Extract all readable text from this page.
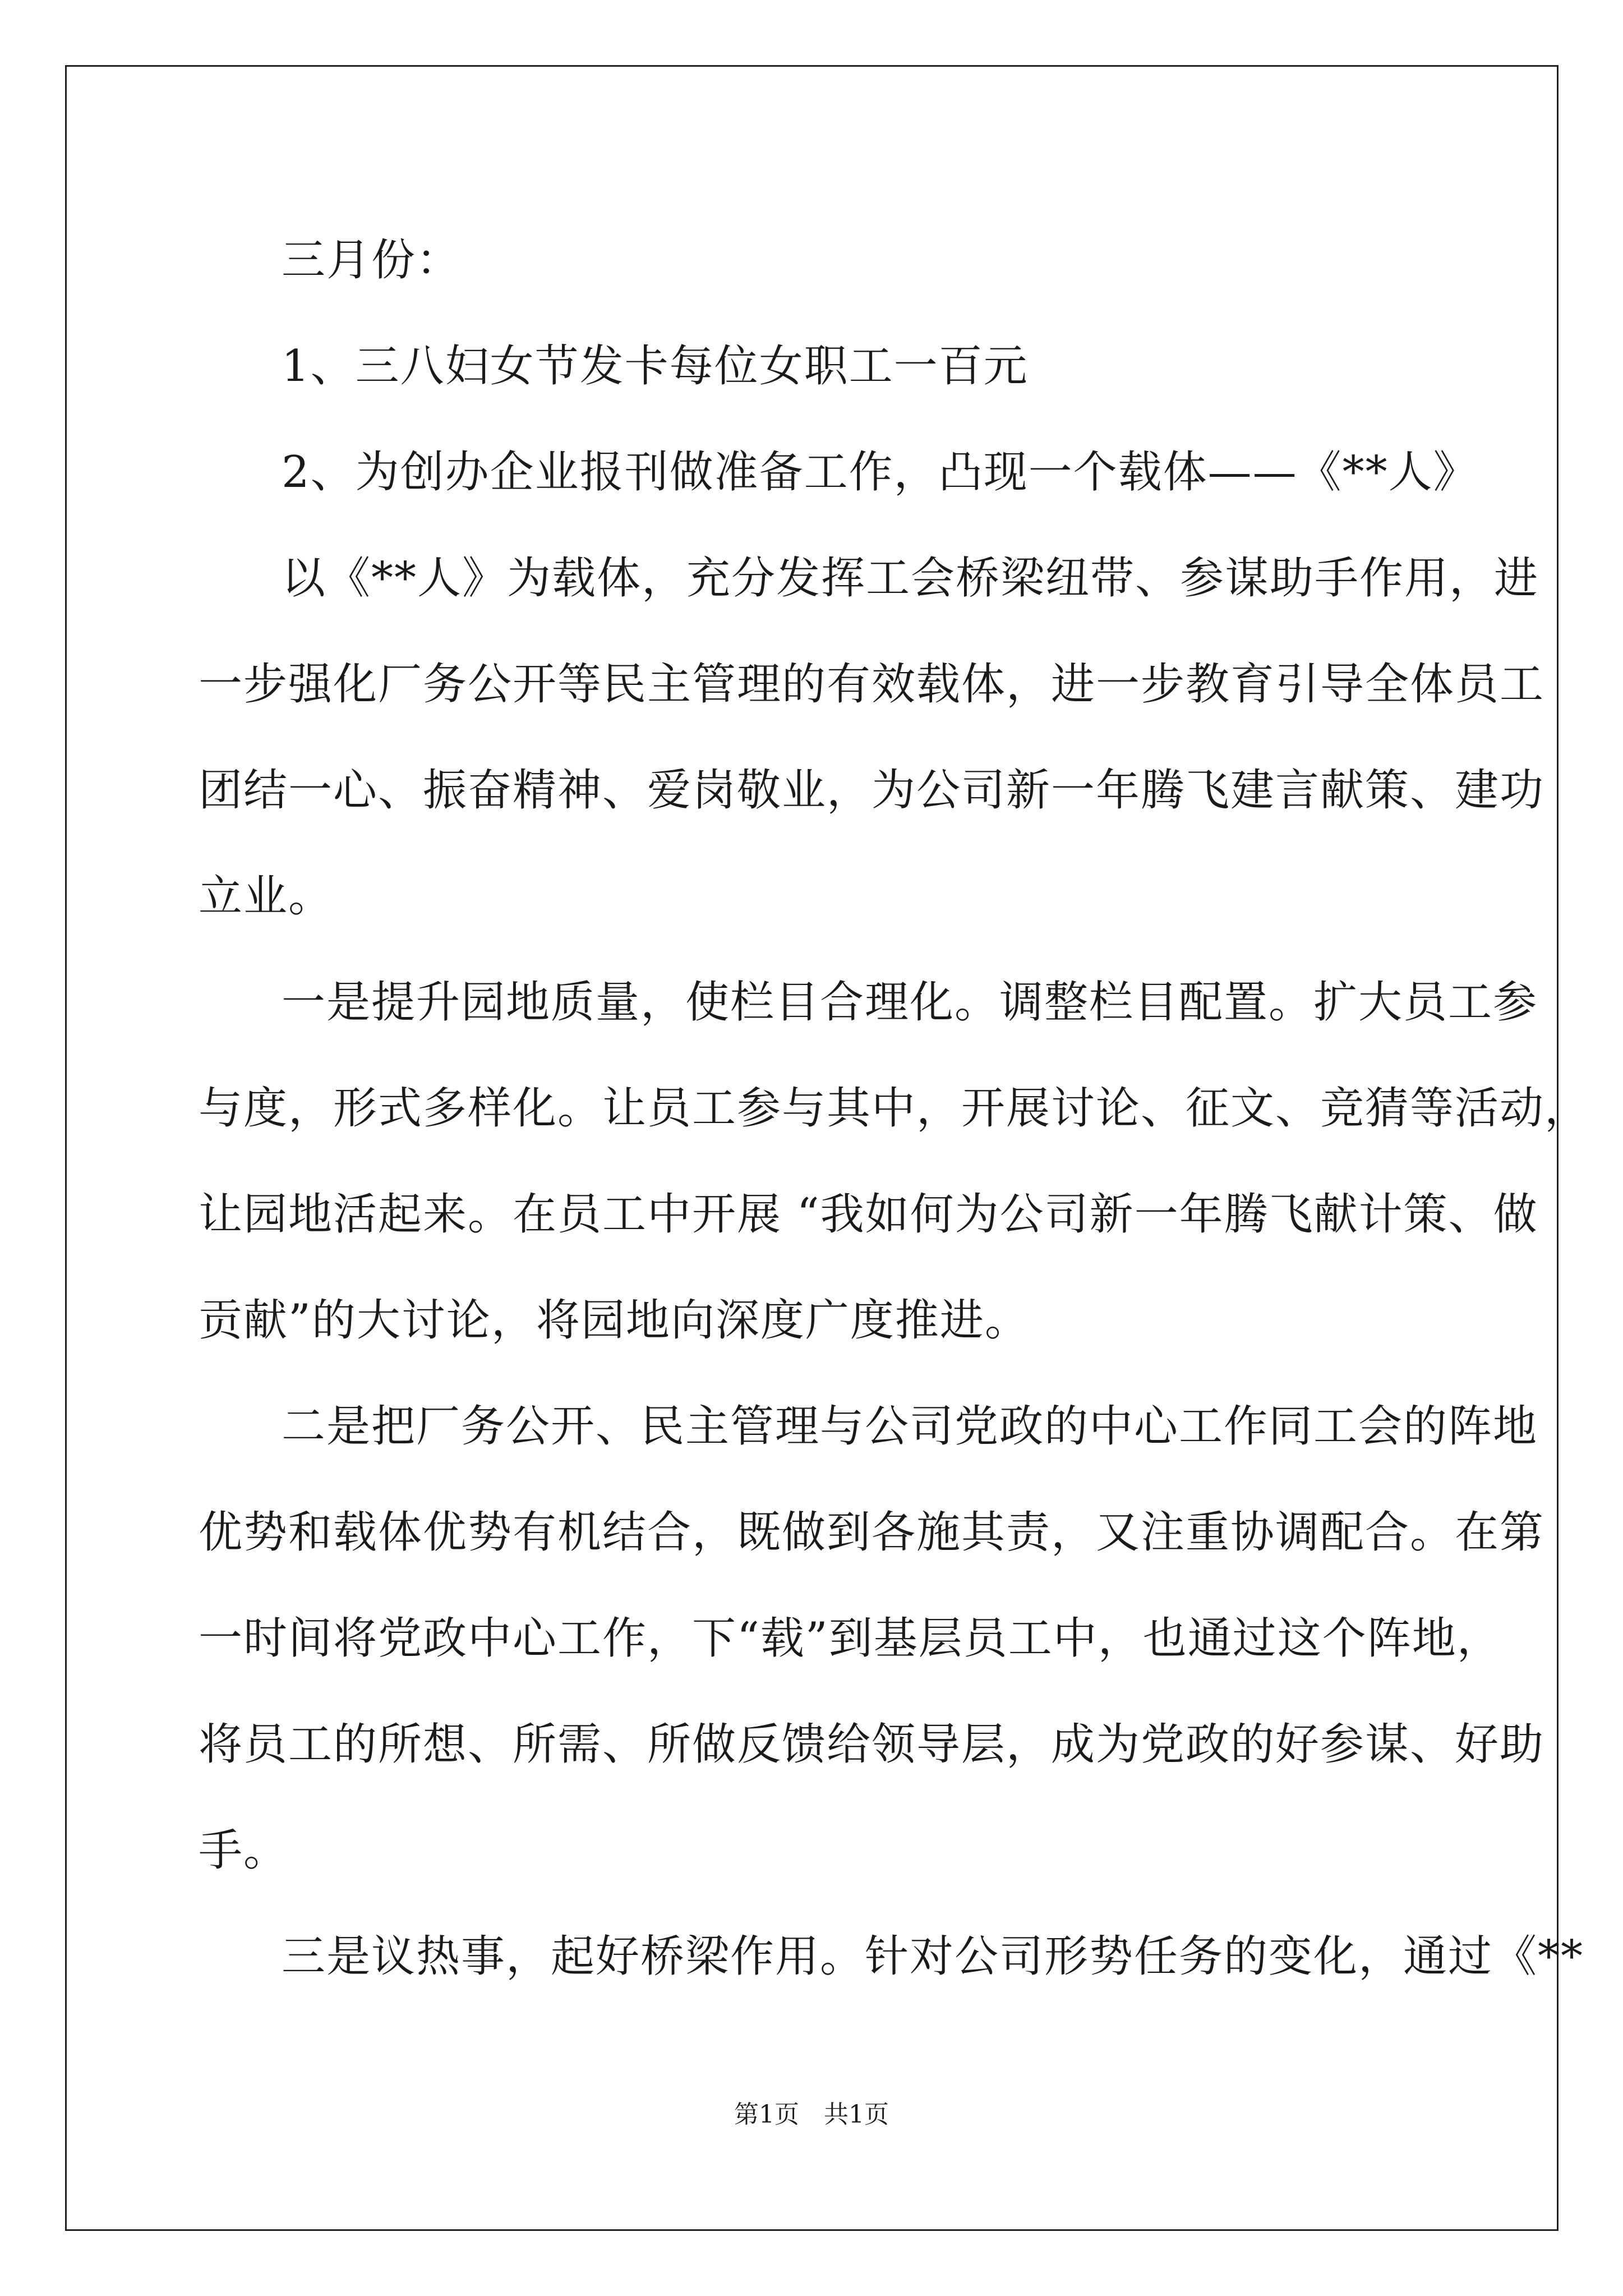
三月份：
1、三八妇女节发卡每位女职工一百元
2、为创办企业报刊做准备工作，凸现一个载体——《**人》
以《**人》为载体，充分发挥工会桥梁纽带、参谋助手作用，进
一步强化厂务公开等民主管理的有效载体，进一步教育引导全体员工
团结一心、振奋精神、爱岗敬业，为公司新一年腾飞建言献策、建功
立业。
一是提升园地质量，使栏目合理化。调整栏目配置。扩大员工参
与度，形式多样化。让员工参与其中，开展讨论、征文、竞猜等活动，
让园地活起来。在员工中开展 “我如何为公司新一年腾飞献计策、做
贡献”的大讨论，将园地向深度广度推进。
二是把厂务公开、民主管理与公司党政的中心工作同工会的阵地
优势和载体优势有机结合，既做到各施其责，又注重协调配合。在第
一时间将党政中心工作，下“载”到基层员工中，也通过这个阵地，
将员工的所想、所需、所做反馈给领导层，成为党政的好参谋、好助
手。
三是议热事，起好桥梁作用。针对公司形势任务的变化，通过《**
第1页 共1页
